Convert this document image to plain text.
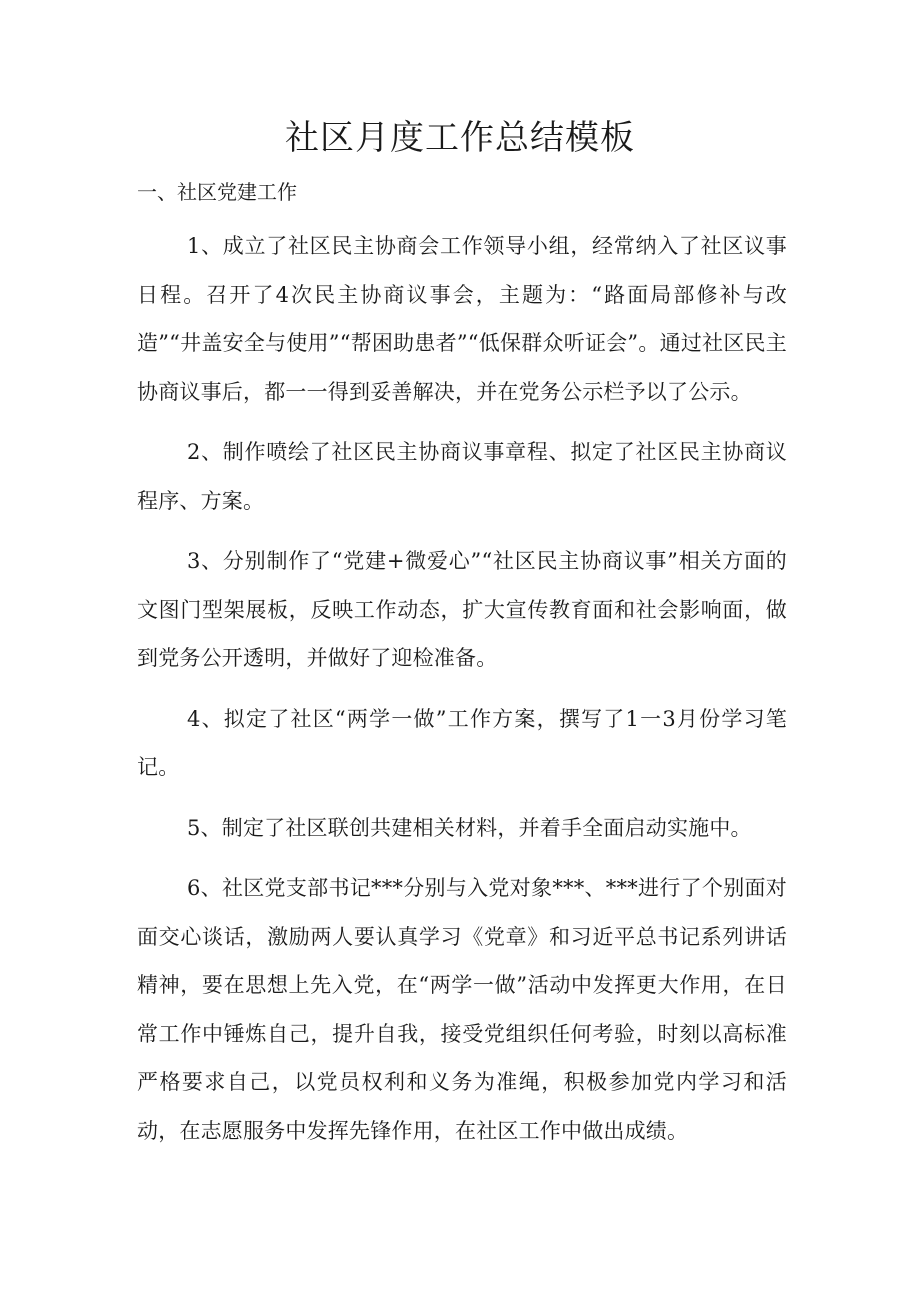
社区月度工作总结模板
一、社区党建工作

1、成立了社区民主协商会工作领导小组，经常纳入了社区议事日程。召开了4次民主协商议事会，主题为：“路面局部修补与改造”“井盖安全与使用”“帮困助患者”“低保群众听证会”。通过社区民主协商议事后，都一一得到妥善解决，并在党务公示栏予以了公示。

2、制作喷绘了社区民主协商议事章程、拟定了社区民主协商议程序、方案。

3、分别制作了“党建+微爱心”“社区民主协商议事”相关方面的文图门型架展板，反映工作动态，扩大宣传教育面和社会影响面，做到党务公开透明，并做好了迎检准备。

4、拟定了社区“两学一做”工作方案，撰写了1一3月份学习笔记。

5、制定了社区联创共建相关材料，并着手全面启动实施中。

6、社区党支部书记***分别与入党对象***、***进行了个别面对面交心谈话，激励两人要认真学习《党章》和习近平总书记系列讲话精神，要在思想上先入党，在“两学一做”活动中发挥更大作用，在日常工作中锤炼自己，提升自我，接受党组织任何考验，时刻以高标准严格要求自己，以党员权利和义务为准绳，积极参加党内学习和活动，在志愿服务中发挥先锋作用，在社区工作中做出成绩。
